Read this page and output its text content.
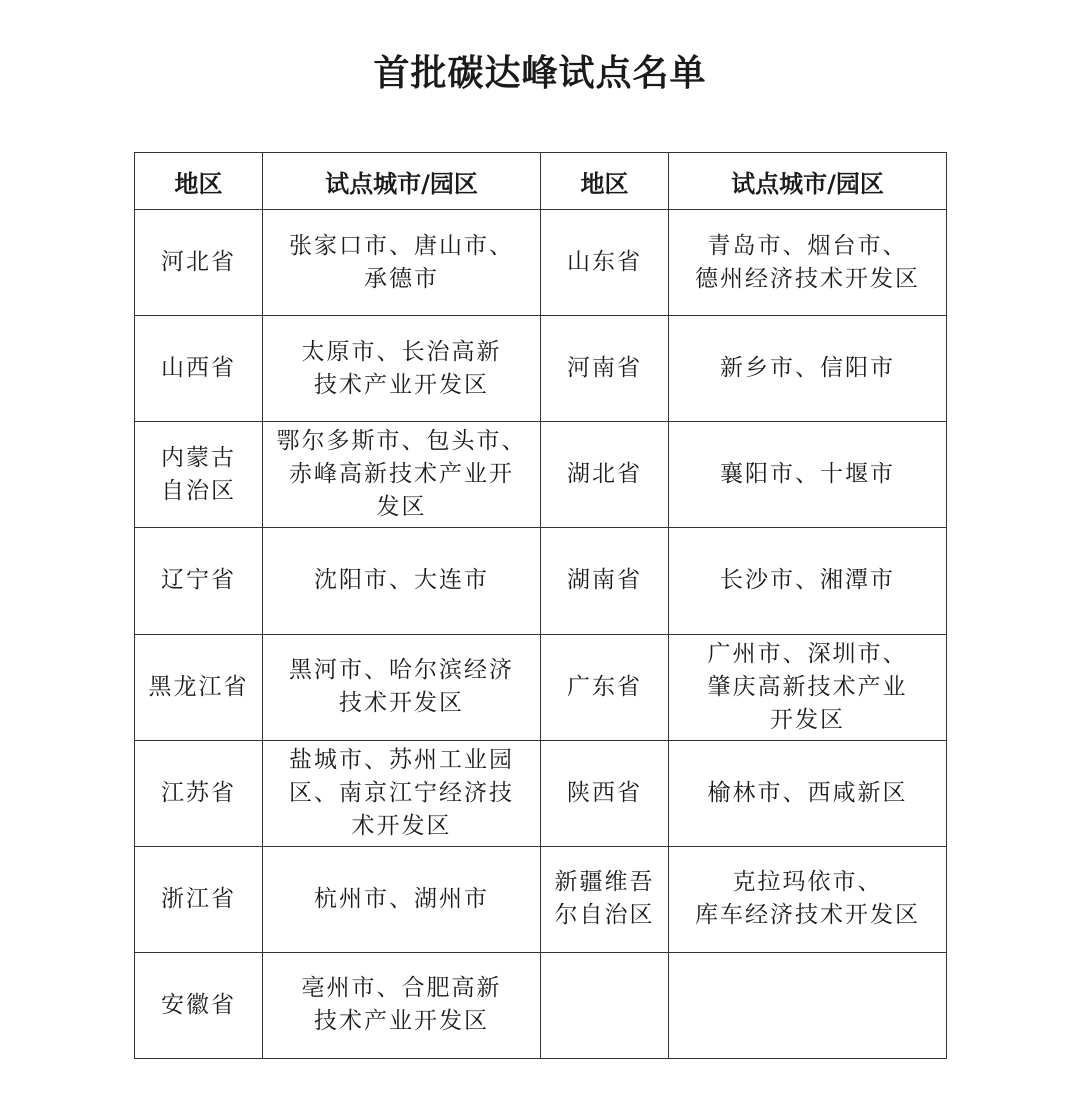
首批碳达峰试点名单
地区	试点城市/园区	地区	试点城市/园区

河北省	张家口市、唐山市、
承德市	山东省	青岛市、烟台市、
德州经济技术开发区

山西省	太原市、长治高新
技术产业开发区	河南省	新乡市、信阳市

内蒙古
自治区	鄂尔多斯市、包头市、
赤峰高新技术产业开
发区	湖北省	襄阳市、十堰市

辽宁省	沈阳市、大连市	湖南省	长沙市、湘潭市

黑龙江省	黑河市、哈尔滨经济
技术开发区	广东省	广州市、深圳市、
肇庆高新技术产业
开发区

江苏省	盐城市、苏州工业园
区、南京江宁经济技
术开发区	陕西省	榆林市、西咸新区

浙江省	杭州市、湖州市	新疆维吾
尔自治区	克拉玛依市、
库车经济技术开发区

安徽省	亳州市、合肥高新
技术产业开发区		
